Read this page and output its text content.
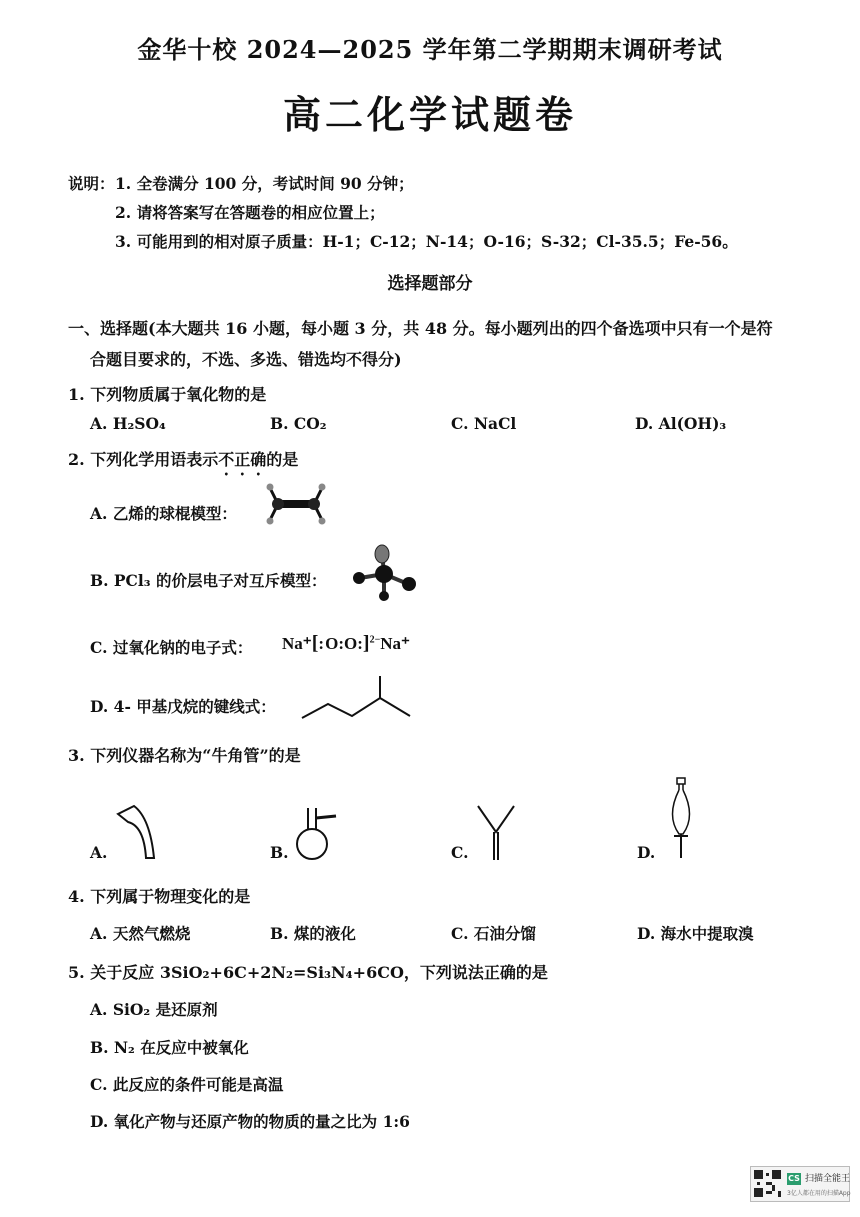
金华十校 2024—2025 学年第二学期期末调研考试
高二化学试题卷
说明： 1. 全卷满分 100 分，考试时间 90 分钟；
2. 请将答案写在答题卷的相应位置上；
3. 可能用到的相对原子质量：H-1；C-12；N-14；O-16；S-32；Cl-35.5；Fe-56。
选择题部分
一、选择题(本大题共 16 小题，每小题 3 分，共 48 分。每小题列出的四个备选项中只有一个是符
合题目要求的，不选、多选、错选均不得分)
1. 下列物质属于氧化物的是
A. H₂SO₄	B. CO₂	C. NaCl	D. Al(OH)₃
2. 下列化学用语表示不正确的是
A. 乙烯的球棍模型：
B. PCl₃ 的价层电子对互斥模型：
C. 过氧化钠的电子式： Na⁺[:O:O:]$^{2-}$Na⁺
D. 4- 甲基戊烷的键线式：
3. 下列仪器名称为“牛角管”的是
A.	B.	C.	D.
4. 下列属于物理变化的是
A. 天然气燃烧	B. 煤的液化	C. 石油分馏	D. 海水中提取溴
5. 关于反应 3SiO₂+6C+2N₂=Si₃N₄+6CO，下列说法正确的是
A. SiO₂ 是还原剂
B. N₂ 在反应中被氧化
C. 此反应的条件可能是高温
D. 氧化产物与还原产物的物质的量之比为 1:6
CS 扫描全能王
3亿人都在用的扫描App
